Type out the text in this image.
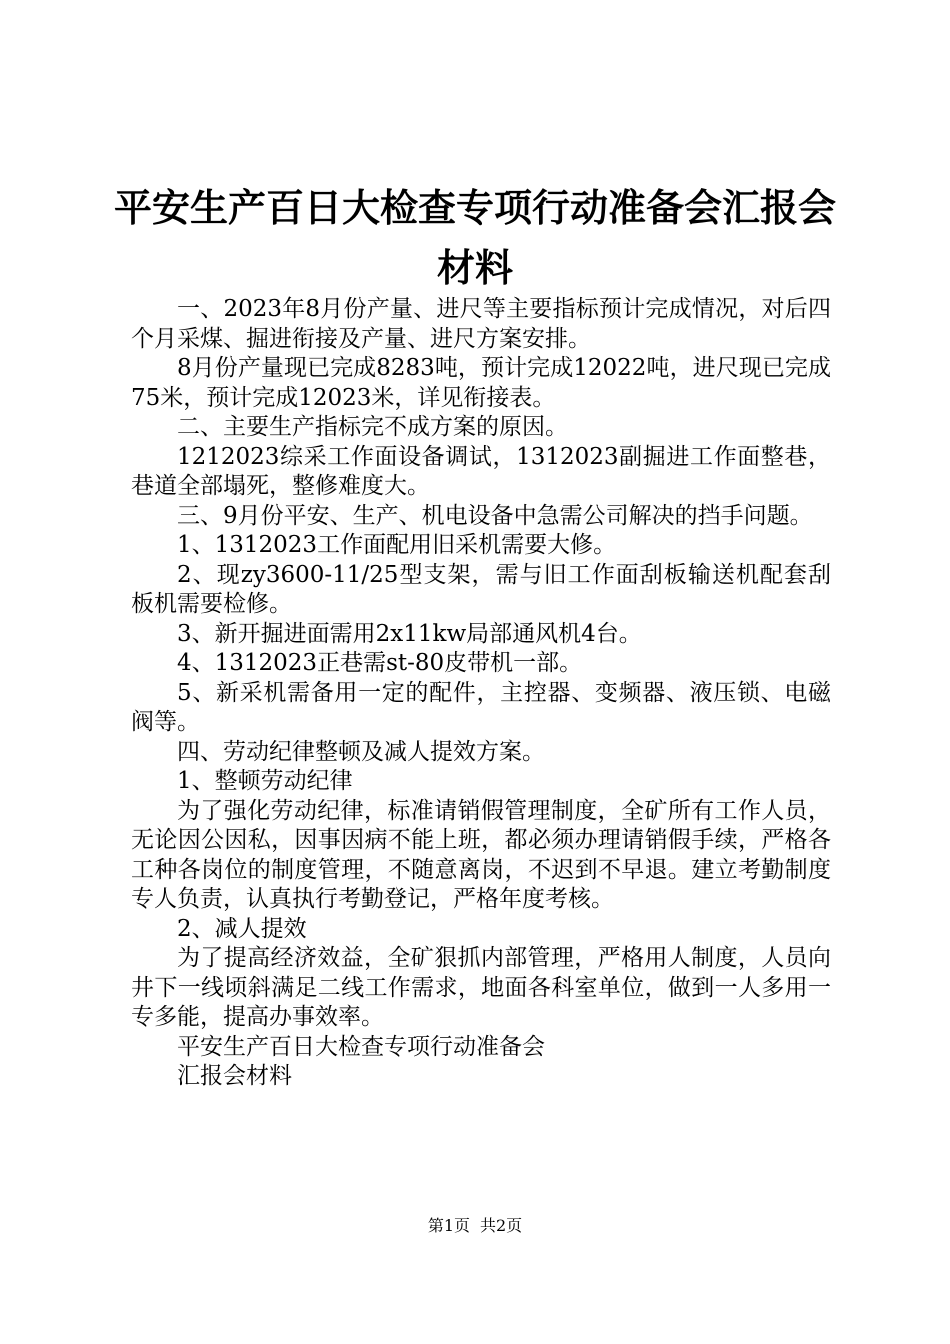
平安生产百日大检查专项行动准备会汇报会材料

一、2023年8月份产量、进尺等主要指标预计完成情况，对后四个月采煤、掘进衔接及产量、进尺方案安排。

8月份产量现已完成8283吨，预计完成12022吨，进尺现已完成75米，预计完成12023米，详见衔接表。

二、主要生产指标完不成方案的原因。

1212023综采工作面设备调试，1312023副掘进工作面整巷，巷道全部塌死，整修难度大。

三、9月份平安、生产、机电设备中急需公司解决的挡手问题。

1、1312023工作面配用旧采机需要大修。

2、现zy3600-11/25型支架，需与旧工作面刮板输送机配套刮板机需要检修。

3、新开掘进面需用2x11kw局部通风机4台。

4、1312023正巷需st-80皮带机一部。

5、新采机需备用一定的配件，主控器、变频器、液压锁、电磁阀等。

四、劳动纪律整顿及减人提效方案。

1、整顿劳动纪律

为了强化劳动纪律，标准请销假管理制度，全矿所有工作人员，无论因公因私，因事因病不能上班，都必须办理请销假手续，严格各工种各岗位的制度管理，不随意离岗，不迟到不早退。建立考勤制度专人负责，认真执行考勤登记，严格年度考核。

2、减人提效

为了提高经济效益，全矿狠抓内部管理，严格用人制度，人员向井下一线顷斜满足二线工作需求，地面各科室单位，做到一人多用一专多能，提高办事效率。

平安生产百日大检查专项行动准备会

汇报会材料

第1页 共2页
